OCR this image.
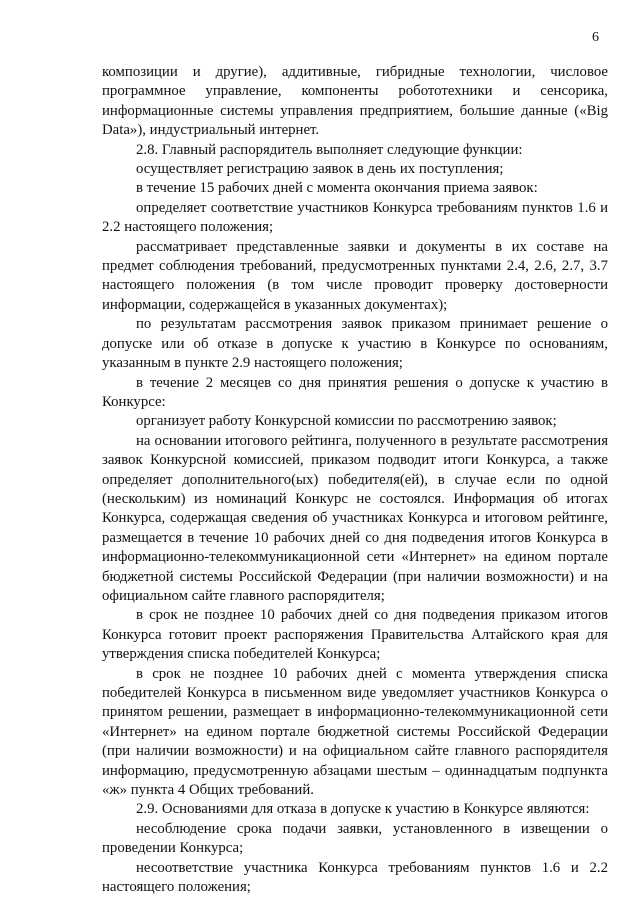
6

композиции и другие), аддитивные, гибридные технологии, числовое программное управление, компоненты робототехники и сенсорика, информационные системы управления предприятием, большие данные («Big Data»), индустриальный интернет.

2.8. Главный распорядитель выполняет следующие функции:

осуществляет регистрацию заявок в день их поступления;

в течение 15 рабочих дней с момента окончания приема заявок:

определяет соответствие участников Конкурса требованиям пунктов 1.6 и 2.2 настоящего положения;

рассматривает представленные заявки и документы в их составе на предмет соблюдения требований, предусмотренных пунктами 2.4, 2.6, 2.7, 3.7 настоящего положения (в том числе проводит проверку достоверности информации, содержащейся в указанных документах);

по результатам рассмотрения заявок приказом принимает решение о допуске или об отказе в допуске к участию в Конкурсе по основаниям, указанным в пункте 2.9 настоящего положения;

в течение 2 месяцев со дня принятия решения о допуске к участию в Конкурсе:

организует работу Конкурсной комиссии по рассмотрению заявок;

на основании итогового рейтинга, полученного в результате рассмотрения заявок Конкурсной комиссией, приказом подводит итоги Конкурса, а также определяет дополнительного(ых) победителя(ей), в случае если по одной (нескольким) из номинаций Конкурс не состоялся. Информация об итогах Конкурса, содержащая сведения об участниках Конкурса и итоговом рейтинге, размещается в течение 10 рабочих дней со дня подведения итогов Конкурса в информационно-телекоммуникационной сети «Интернет» на едином портале бюджетной системы Российской Федерации (при наличии возможности) и на официальном сайте главного распорядителя;

в срок не позднее 10 рабочих дней со дня подведения приказом итогов Конкурса готовит проект распоряжения Правительства Алтайского края для утверждения списка победителей Конкурса;

в срок не позднее 10 рабочих дней с момента утверждения списка победителей Конкурса в письменном виде уведомляет участников Конкурса о принятом решении, размещает в информационно-телекоммуникационной сети «Интернет» на едином портале бюджетной системы Российской Федерации (при наличии возможности) и на официальном сайте главного распорядителя информацию, предусмотренную абзацами шестым – одиннадцатым подпункта «ж» пункта 4 Общих требований.

2.9. Основаниями для отказа в допуске к участию в Конкурсе являются:

несоблюдение срока подачи заявки, установленного в извещении о проведении Конкурса;

несоответствие участника Конкурса требованиям пунктов 1.6 и 2.2 настоящего положения;
